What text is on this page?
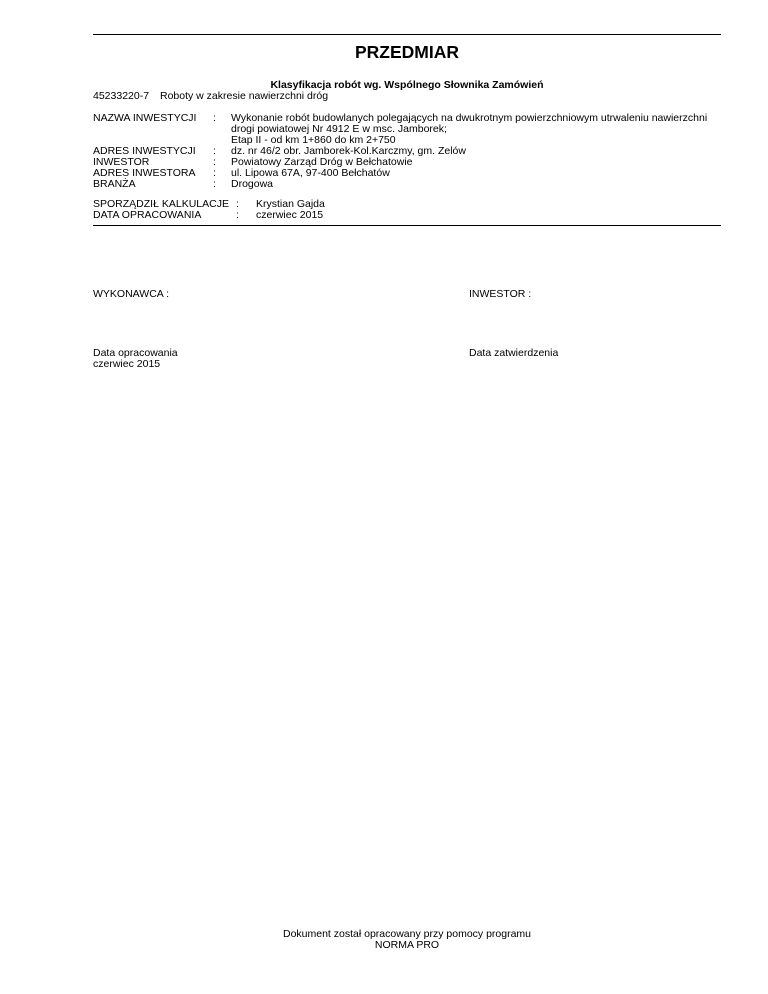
PRZEDMIAR
Klasyfikacja robót wg. Wspólnego Słownika Zamówień
45233220-7 Roboty w zakresie nawierzchni dróg
NAZWA INWESTYCJI : Wykonanie robót budowlanych polegających na dwukrotnym powierzchniowym utrwaleniu nawierzchni
drogi powiatowej Nr 4912 E w msc. Jamborek;
Etap II - od km 1+860 do km 2+750
ADRES INWESTYCJI : dz. nr 46/2 obr. Jamborek-Kol.Karczmy, gm. Zelów
INWESTOR	: Powiatowy Zarząd Dróg w Bełchatowie
ADRES INWESTORA : ul. Lipowa 67A, 97-400 Bełchatów
BRANŻA	: Drogowa
SPORZĄDZIŁ KALKULACJE : Krystian Gajda
DATA OPRACOWANIA	: czerwiec 2015
WYKONAWCA :	INWESTOR :
Data opracowania
czerwiec 2015
Data zatwierdzenia
Dokument został opracowany przy pomocy programu
NORMA PRO
